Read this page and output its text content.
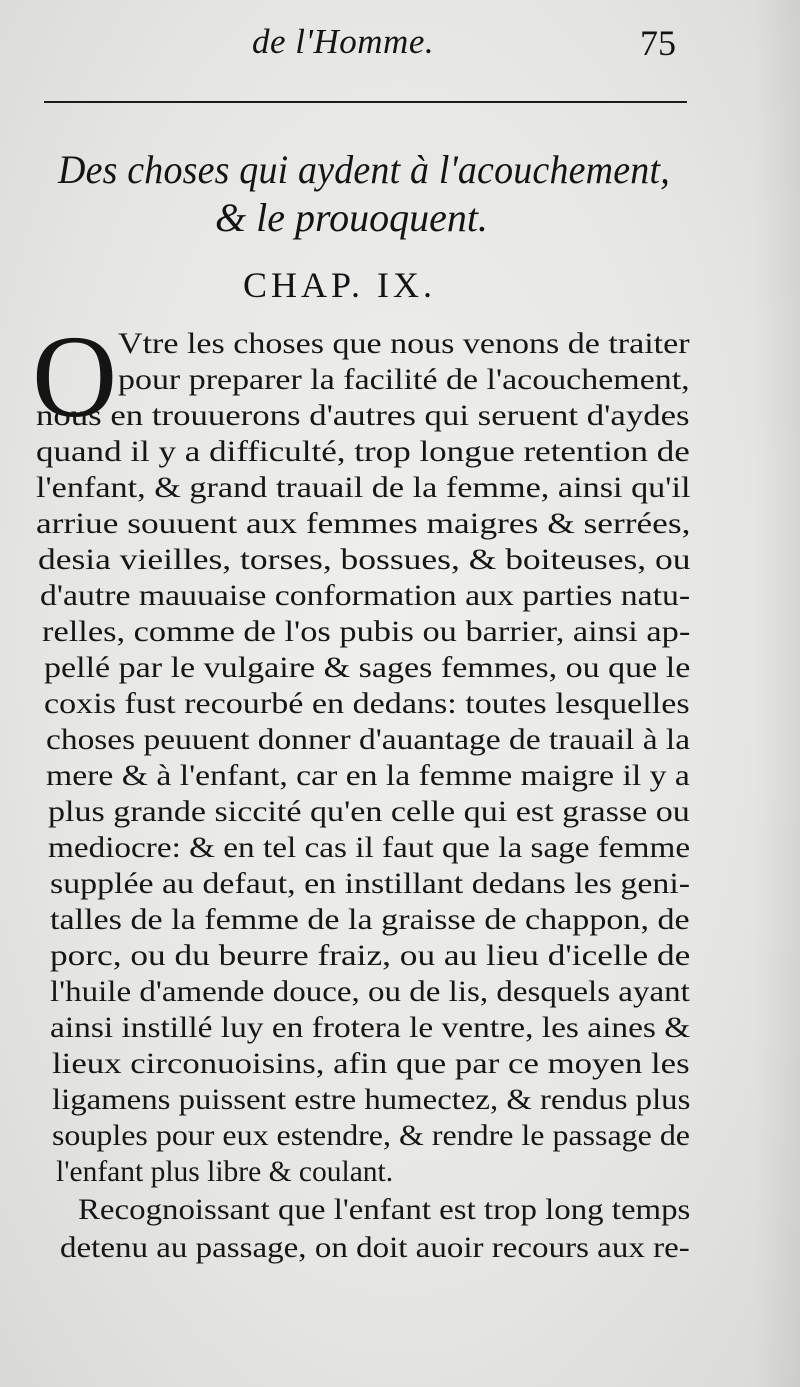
de l'Homme.	75
Des choses qui aydent à l'acouchement,
& le prouoquent.
CHAP. IX.
O Vtre les choses que nous venons de traiter
pour preparer la facilité de l'acouchement,
nous en trouuerons d'autres qui seruent d'aydes
quand il y a difficulté, trop longue retention de
l'enfant, & grand trauail de la femme, ainsi qu'il
arriue souuent aux femmes maigres & serrées,
desia vieilles, torses, bossues, & boiteuses, ou
d'autre mauuaise conformation aux parties natu-
relles, comme de l'os pubis ou barrier, ainsi ap-
pellé par le vulgaire & sages femmes, ou que le
coxis fust recourbé en dedans: toutes lesquelles
choses peuuent donner d'auantage de trauail à la
mere & à l'enfant, car en la femme maigre il y a
plus grande siccité qu'en celle qui est grasse ou
mediocre: & en tel cas il faut que la sage femme
supplée au defaut, en instillant dedans les geni-
talles de la femme de la graisse de chappon, de
porc, ou du beurre fraiz, ou au lieu d'icelle de
l'huile d'amende douce, ou de lis, desquels ayant
ainsi instillé luy en frotera le ventre, les aines &
lieux circonuoisins, afin que par ce moyen les
ligamens puissent estre humectez, & rendus plus
souples pour eux estendre, & rendre le passage de
l'enfant plus libre & coulant.
Recognoissant que l'enfant est trop long temps
detenu au passage, on doit auoir recours aux re-
